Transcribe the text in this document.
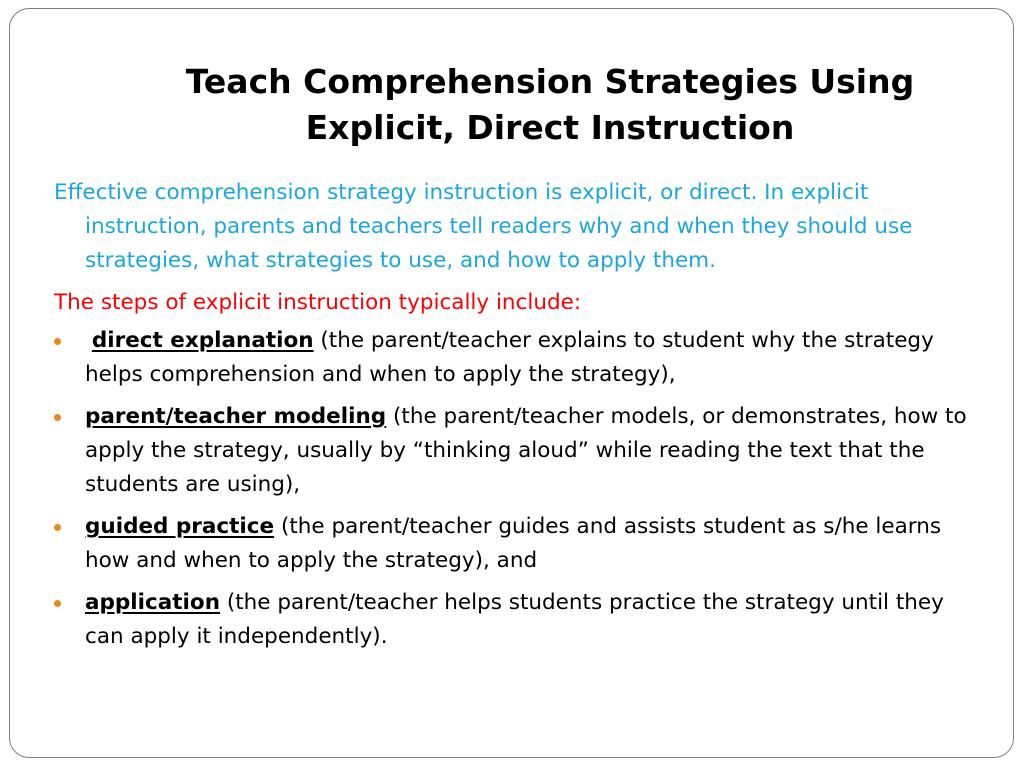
Teach Comprehension Strategies Using
Explicit, Direct Instruction

Effective comprehension strategy instruction is explicit, or direct. In explicit instruction, parents and teachers tell readers why and when they should use strategies, what strategies to use, and how to apply them.

The steps of explicit instruction typically include:

direct explanation (the parent/teacher explains to student why the strategy helps comprehension and when to apply the strategy),
parent/teacher modeling (the parent/teacher models, or demonstrates, how to apply the strategy, usually by “thinking aloud” while reading the text that the students are using),
guided practice (the parent/teacher guides and assists student as s/he learns how and when to apply the strategy), and
application (the parent/teacher helps students practice the strategy until they can apply it independently).
